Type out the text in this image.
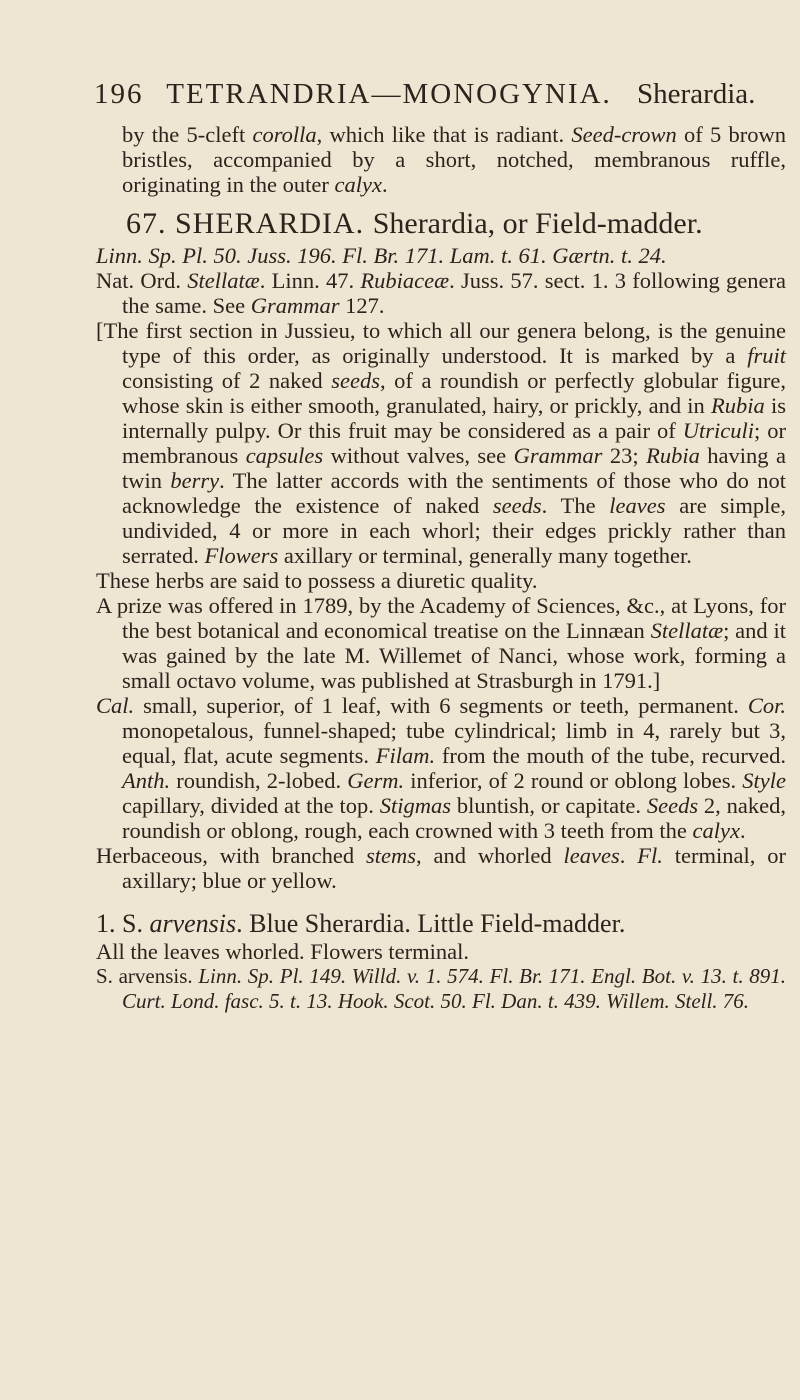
196 TETRANDRIA—MONOGYNIA. Sherardia.

by the 5-cleft corolla, which like that is radiant. Seed-crown of 5 brown bristles, accompanied by a short, notched, membranous ruffle, originating in the outer calyx.

67. SHERARDIA. Sherardia, or Field-madder.

Linn. Sp. Pl. 50. Juss. 196. Fl. Br. 171. Lam. t. 61. Gærtn. t. 24.

Nat. Ord. Stellatæ. Linn. 47. Rubiaceæ. Juss. 57. sect. 1. 3 following genera the same. See Grammar 127.

[The first section in Jussieu, to which all our genera belong, is the genuine type of this order, as originally understood. It is marked by a fruit consisting of 2 naked seeds, of a roundish or perfectly globular figure, whose skin is either smooth, granulated, hairy, or prickly, and in Rubia is internally pulpy. Or this fruit may be considered as a pair of Utriculi; or membranous capsules without valves, see Grammar 23; Rubia having a twin berry. The latter accords with the sentiments of those who do not acknowledge the existence of naked seeds. The leaves are simple, undivided, 4 or more in each whorl; their edges prickly rather than serrated. Flowers axillary or terminal, generally many together.

These herbs are said to possess a diuretic quality.

A prize was offered in 1789, by the Academy of Sciences, &c., at Lyons, for the best botanical and economical treatise on the Linnæan Stellatæ; and it was gained by the late M. Willemet of Nanci, whose work, forming a small octavo volume, was published at Strasburgh in 1791.]

Cal. small, superior, of 1 leaf, with 6 segments or teeth, permanent. Cor. monopetalous, funnel-shaped; tube cylindrical; limb in 4, rarely but 3, equal, flat, acute segments. Filam. from the mouth of the tube, recurved. Anth. roundish, 2-lobed. Germ. inferior, of 2 round or oblong lobes. Style capillary, divided at the top. Stigmas bluntish, or capitate. Seeds 2, naked, roundish or oblong, rough, each crowned with 3 teeth from the calyx.

Herbaceous, with branched stems, and whorled leaves. Fl. terminal, or axillary; blue or yellow.

1. S. arvensis. Blue Sherardia. Little Field-madder.

All the leaves whorled. Flowers terminal.

S. arvensis. Linn. Sp. Pl. 149. Willd. v. 1. 574. Fl. Br. 171. Engl. Bot. v. 13. t. 891. Curt. Lond. fasc. 5. t. 13. Hook. Scot. 50. Fl. Dan. t. 439. Willem. Stell. 76.
